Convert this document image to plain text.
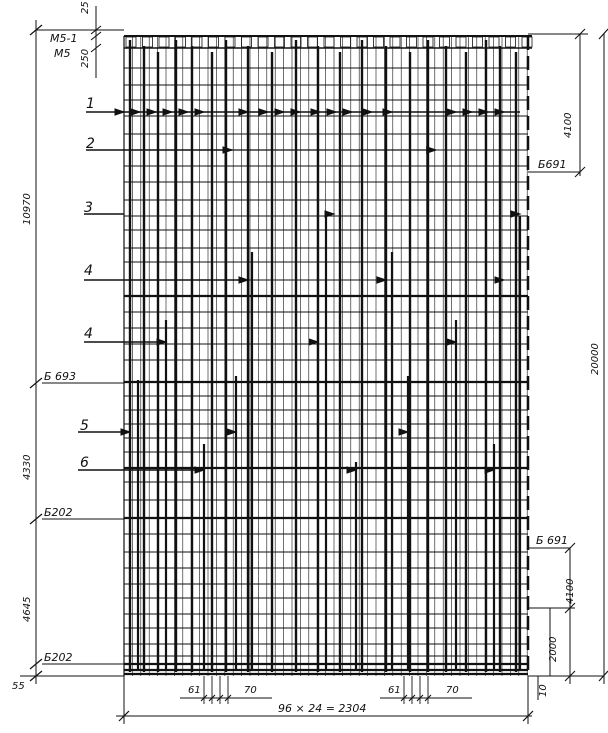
25
250
M5-1
M5
10970
4330
4645
55
4100
20000
4100
2000
10
1
2
3
4
4
5
6
Б 693
Б202
Б202
Б691
Б 691
61	70	61	70
96 × 24 = 2304
